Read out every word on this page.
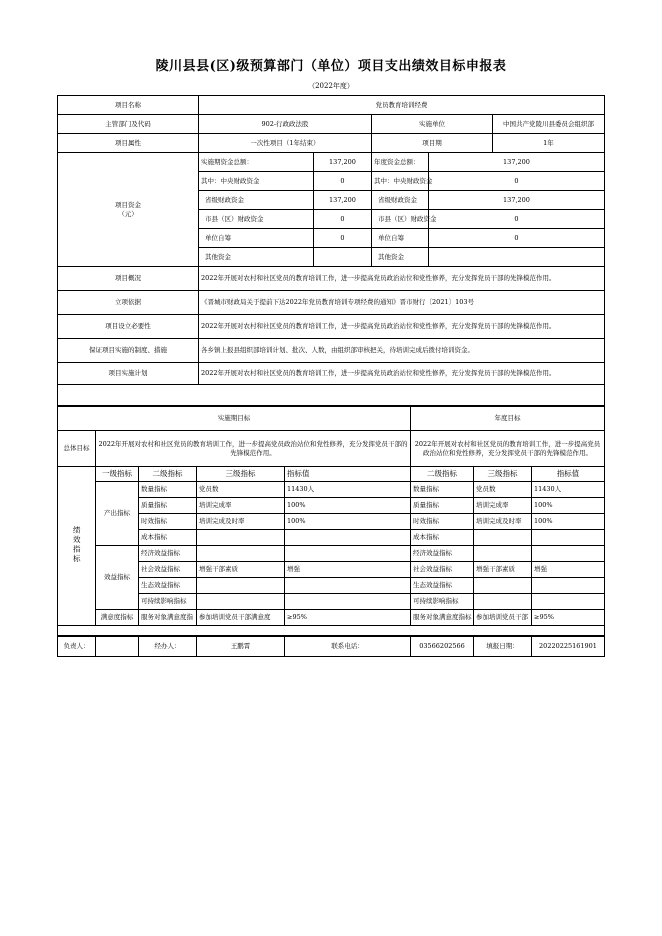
陵川县县(区)级预算部门（单位）项目支出绩效目标申报表
（2022年度）
项目名称	党员教育培训经费				
主管部门及代码	902-行政政法股		实施单位		中国共产党陵川县委员会组织部
项目属性	一次性项目（1年结束）		项目期		1年

项目资金
（元）	实施期资金总额：	137,200	年度资金总额：	137,200	
	其中：中央财政资金	0	其中：中央财政资金	0	
	省级财政资金	137,200	省级财政资金	137,200	
	市县（区）财政资金	0	市县（区）财政资金	0	
	单位自筹	0	单位自筹	0	
	其他资金		其他资金		
项目概况	2022年开展对农村和社区党员的教育培训工作，进一步提高党员政治站位和党性修养，充分发挥党员干部的先锋模范作用。				
立项依据	《晋城市财政局关于提前下达2022年党员教育培训专项经费的通知》晋市财行〔2021〕103号				
项目设立必要性	2022年开展对农村和社区党员的教育培训工作，进一步提高党员政治站位和党性修养，充分发挥党员干部的先锋模范作用。				
保证项目实施的制度、措施	各乡镇上报县组织部培训计划、批次、人数，由组织部审核把关，待培训完成后拨付培训资金。				
项目实施计划	2022年开展对农村和社区党员的教育培训工作，进一步提高党员政治站位和党性修养，充分发挥党员干部的先锋模范作用。				

实施期目标		年度目标
总体目标	2022年开展对农村和社区党员的教育培训工作，进一步提高党员政治站位和党性修养，充分发挥党员干部的先锋模范作用。	2022年开展对农村和社区党员的教育培训工作，进一步提高党员政治站位和党性修养，充分发挥党员干部的先锋模范作用。
绩效指标	一级指标	二级指标	三级指标	指标值	二级指标	三级指标	指标值
	产出指标	数量指标	党员数	11430人	数量指标	党员数	11430人
		质量指标	培训完成率	100%	质量指标	培训完成率	100%
		时效指标	培训完成及时率	100%	时效指标	培训完成及时率	100%
		成本指标			成本指标		
	效益指标	经济效益指标			经济效益指标		
		社会效益指标	增强干部素质	增强	社会效益指标	增强干部素质	增强
		生态效益指标			生态效益指标		
		可持续影响指标			可持续影响指标		
	满意度指标	服务对象满意度指	参加培训党员干部满意度	≥95%	服务对象满意度指标	参加培训党员干部	≥95%

负责人：		经办人：	王鹏霄	联系电话：	03566202566	填报日期：	20220225161901
